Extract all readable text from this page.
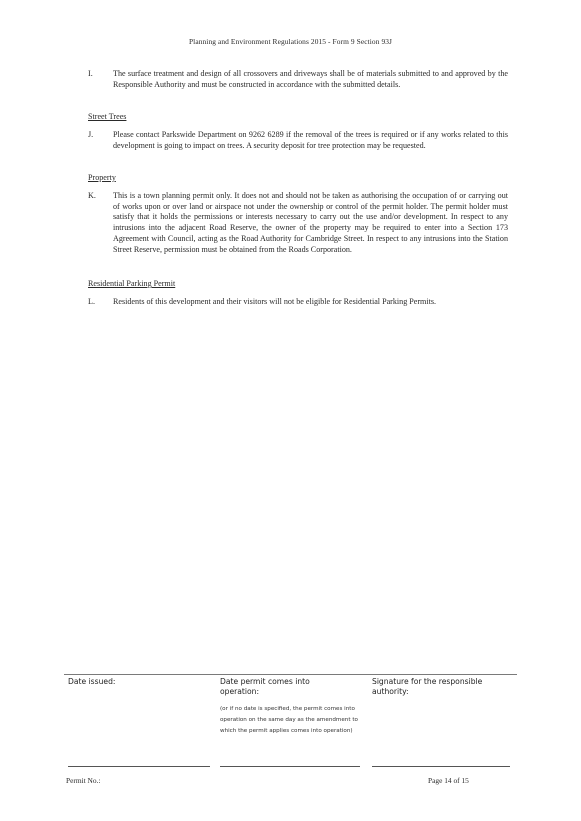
Planning and Environment Regulations 2015 - Form 9 Section 93J
I.	The surface treatment and design of all crossovers and driveways shall be of materials submitted to and approved by the Responsible Authority and must be constructed in accordance with the submitted details.

Street Trees
J. Please contact Parkswide Department on 9262 6289 if the removal of the trees is required or if any works related to this development is going to impact on trees. A security deposit for tree protection may be requested.

Property
K. This is a town planning permit only. It does not and should not be taken as authorising the occupation of or carrying out of works upon or over land or airspace not under the ownership or control of the permit holder. The permit holder must satisfy that it holds the permissions or interests necessary to carry out the use and/or development. In respect to any intrusions into the adjacent Road Reserve, the owner of the property may be required to enter into a Section 173 Agreement with Council, acting as the Road Authority for Cambridge Street. In respect to any intrusions into the Station Street Reserve, permission must be obtained from the Roads Corporation.

Residential Parking Permit
L. Residents of this development and their visitors will not be eligible for Residential Parking Permits.

Date issued:	Date permit comes into operation:
(or if no date is specified, the permit comes into operation on the same day as the amendment to which the permit applies comes into operation)
Signature for the responsible authority:
Permit No.:	Page 14 of 15
